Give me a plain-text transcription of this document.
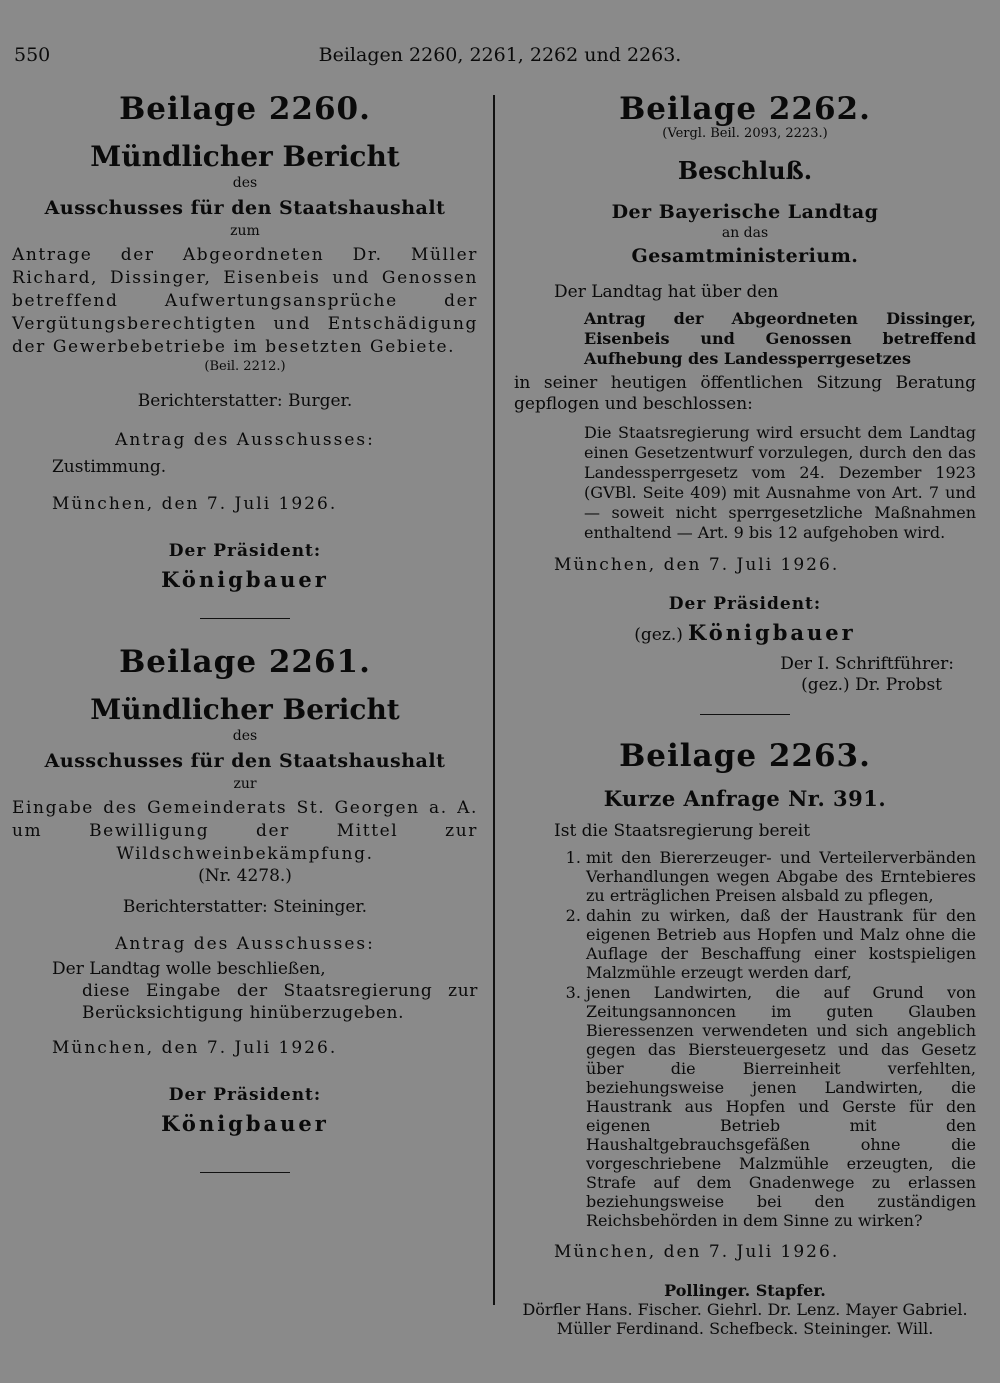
550	Beilagen 2260, 2261, 2262 und 2263.
Beilage 2260.
Mündlicher Bericht
des
Ausschusses für den Staatshaushalt
zum
Antrage der Abgeordneten Dr. Müller Richard, Dissinger, Eisenbeis und Genossen betreffend Aufwertungsansprüche der Vergütungsberechtigten und Entschädigung der Gewerbebetriebe im besetzten Gebiete.
(Beil. 2212.)
Berichterstatter: Burger.
Antrag des Ausschusses:
Zustimmung.
München, den 7. Juli 1926.
Der Präsident:
Königbauer
Beilage 2261.
Mündlicher Bericht
des
Ausschusses für den Staatshaushalt
zur
Eingabe des Gemeinderats St. Georgen a. A. um Bewilligung der Mittel zur Wildschweinbekämpfung.
(Nr. 4278.)
Berichterstatter: Steininger.
Antrag des Ausschusses:
Der Landtag wolle beschließen,
diese Eingabe der Staatsregierung zur Berücksichtigung hinüberzugeben.
München, den 7. Juli 1926.
Der Präsident:
Königbauer
Beilage 2262.
(Vergl. Beil. 2093, 2223.)
Beschluß.
Der Bayerische Landtag
an das
Gesamtministerium.
Der Landtag hat über den
Antrag der Abgeordneten Dissinger, Eisenbeis und Genossen betreffend Aufhebung des Landessperrgesetzes
in seiner heutigen öffentlichen Sitzung Beratung gepflogen und beschlossen:
Die Staatsregierung wird ersucht dem Landtag einen Gesetzentwurf vorzulegen, durch den das Landessperrgesetz vom 24. Dezember 1923 (GVBl. Seite 409) mit Ausnahme von Art. 7 und — soweit nicht sperrgesetzliche Maßnahmen enthaltend — Art. 9 bis 12 aufgehoben wird.
München, den 7. Juli 1926.
Der Präsident:
(gez.) Königbauer
Der I. Schriftführer:
(gez.) Dr. Probst
Beilage 2263.
Kurze Anfrage Nr. 391.
Ist die Staatsregierung bereit
1. mit den Biererzeuger- und Verteilerverbänden Verhandlungen wegen Abgabe des Erntebieres zu erträglichen Preisen alsbald zu pflegen,
2. dahin zu wirken, daß der Haustrank für den eigenen Betrieb aus Hopfen und Malz ohne die Auflage der Beschaffung einer kostspieligen Malzmühle erzeugt werden darf,
3. jenen Landwirten, die auf Grund von Zeitungsannoncen im guten Glauben Bieressenzen verwendeten und sich angeblich gegen das Biersteuergesetz und das Gesetz über die Bierreinheit verfehlten, beziehungsweise jenen Landwirten, die Haustrank aus Hopfen und Gerste für den eigenen Betrieb mit den Haushaltgebrauchsgefäßen ohne die vorgeschriebene Malzmühle erzeugten, die Strafe auf dem Gnadenwege zu erlassen beziehungsweise bei den zuständigen Reichsbehörden in dem Sinne zu wirken?
München, den 7. Juli 1926.
Pollinger. Stapfer.
Dörfler Hans. Fischer. Giehrl. Dr. Lenz. Mayer Gabriel.
Müller Ferdinand. Schefbeck. Steininger. Will.
